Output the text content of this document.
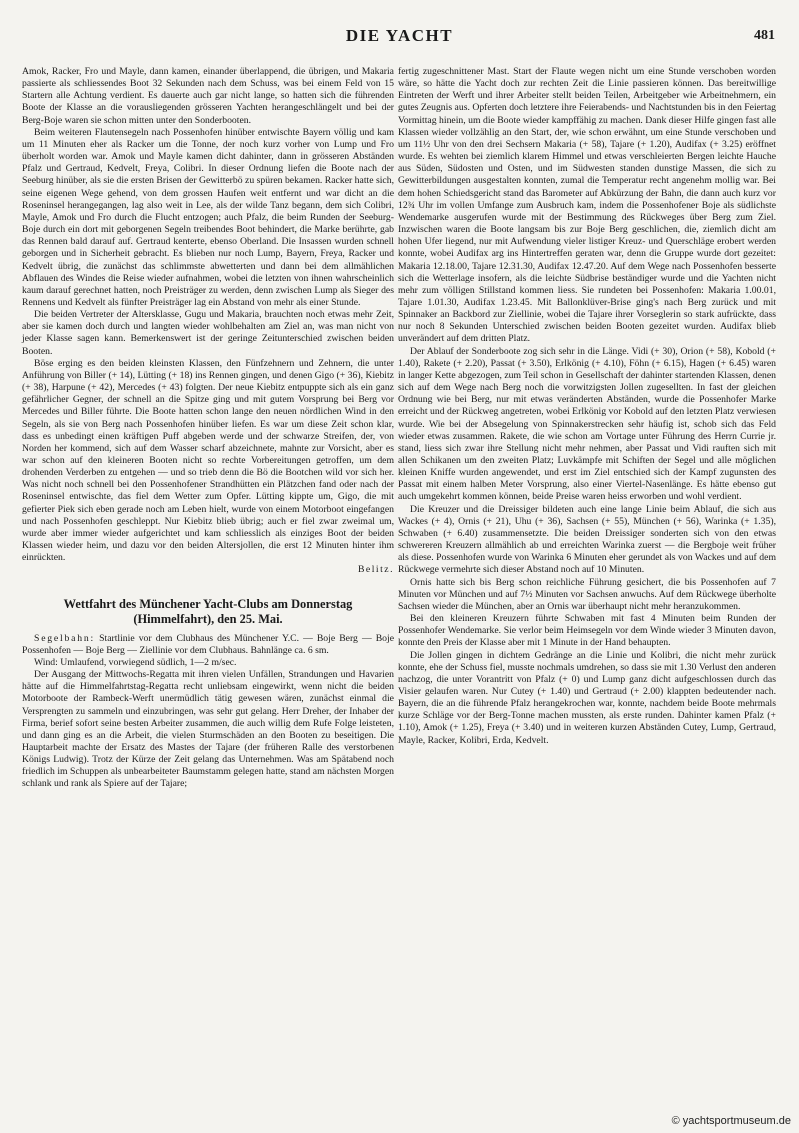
DIE YACHT	481

Amok, Racker, Fro und Mayle, dann kamen, einander überlappend, die übrigen, und Makaria passierte als schliessendes Boot 32 Sekunden nach dem Schuss, was bei einem Feld von 15 Startern alle Achtung verdient. Es dauerte auch gar nicht lange, so hatten sich die führenden Boote der Klasse an die vorausliegenden grösseren Yachten herangeschlängelt und bei der Berg-Boje waren sie schon mitten unter den Sonderbooten.

Beim weiteren Flautensegeln nach Possenhofen hinüber entwischte Bayern völlig und kam um 11 Minuten eher als Racker um die Tonne, der noch kurz vorher von Lump und Fro überholt worden war. Amok und Mayle kamen dicht dahinter, dann in grösseren Abständen Pfalz und Gertraud, Kedvelt, Freya, Colibri. In dieser Ordnung liefen die Boote nach der Seeburg hinüber, als sie die ersten Brisen der Gewitterbö zu spüren bekamen. Racker hatte sich, seine eigenen Wege gehend, von dem grossen Haufen weit entfernt und war dicht an die Roseninsel herangegangen, lag also weit in Lee, als der wilde Tanz begann, dem sich Colibri, Mayle, Amok und Fro durch die Flucht entzogen; auch Pfalz, die beim Runden der Seeburg-Boje durch ein dort mit geborgenen Segeln treibendes Boot behindert, die Marke berührte, gab das Rennen bald darauf auf. Gertraud kenterte, ebenso Oberland. Die Insassen wurden schnell geborgen und in Sicherheit gebracht. Es blieben nur noch Lump, Bayern, Freya, Racker und Kedvelt übrig, die zunächst das schlimmste abwetterten und dann bei dem allmählichen Abflauen des Windes die Reise wieder aufnahmen, wobei die letzten von ihnen wahrscheinlich kaum darauf gerechnet hatten, noch Preisträger zu werden, denn zwischen Lump als Sieger des Rennens und Kedvelt als fünfter Preisträger lag ein Abstand von mehr als einer Stunde.

Die beiden Vertreter der Altersklasse, Gugu und Makaria, brauchten noch etwas mehr Zeit, aber sie kamen doch durch und langten wieder wohlbehalten am Ziel an, was man nicht von jeder Klasse sagen kann. Bemerkenswert ist der geringe Zeitunterschied zwischen beiden Booten.

Böse erging es den beiden kleinsten Klassen, den Fünfzehnern und Zehnern, die unter Anführung von Biller (+ 14), Lütting (+ 18) ins Rennen gingen, und denen Gigo (+ 36), Kiebitz (+ 38), Harpune (+ 42), Mercedes (+ 43) folgten. Der neue Kiebitz entpuppte sich als ein ganz gefährlicher Gegner, der schnell an die Spitze ging und mit gutem Vorsprung bei Berg vor Mercedes und Biller führte. Die Boote hatten schon lange den neuen nördlichen Wind in den Segeln, als sie von Berg nach Possenhofen hinüber liefen. Es war um diese Zeit schon klar, dass es unbedingt einen kräftigen Puff abgeben werde und der schwarze Streifen, der, von Norden her kommend, sich auf dem Wasser scharf abzeichnete, mahnte zur Vorsicht, aber es war schon auf den kleineren Booten nicht so rechte Vorbereitungen getroffen, um dem drohenden Verderben zu entgehen — und so trieb denn die Bö die Bootchen wild vor sich her. Was nicht noch schnell bei den Possenhofener Strandhütten ein Plätzchen fand oder nach der Roseninsel entwischte, das fiel dem Wetter zum Opfer. Lütting kippte um, Gigo, die mit gefierter Piek sich eben gerade noch am Leben hielt, wurde von einem Motorboot eingefangen und nach Possenhofen geschleppt. Nur Kiebitz blieb übrig; auch er fiel zwar zweimal um, wurde aber immer wieder aufgerichtet und kam schliesslich als einziges Boot der beiden Klassen wieder heim, und dazu vor den beiden Altersjollen, die erst 12 Minuten hinter ihm einrückten.

Belitz.

Wettfahrt des Münchener Yacht-Clubs am Donnerstag (Himmelfahrt), den 25. Mai.

Segelbahn: Startlinie vor dem Clubhaus des Münchener Y.C. — Boje Berg — Boje Possenhofen — Boje Berg — Ziellinie vor dem Clubhaus. Bahnlänge ca. 6 sm.

Wind: Umlaufend, vorwiegend südlich, 1—2 m/sec.

Der Ausgang der Mittwochs-Regatta mit ihren vielen Unfällen, Strandungen und Havarien hätte auf die Himmelfahrtstag-Regatta recht unliebsam eingewirkt, wenn nicht die beiden Motorboote der Rambeck-Werft unermüdlich tätig gewesen wären, zunächst einmal die Versprengten zu sammeln und einzubringen, was sehr gut gelang. Herr Dreher, der Inhaber der Firma, berief sofort seine besten Arbeiter zusammen, die auch willig dem Rufe Folge leisteten, und dann ging es an die Arbeit, die vielen Sturmschäden an den Booten zu beseitigen. Die Hauptarbeit machte der Ersatz des Mastes der Tajare (der früheren Ralle des verstorbenen Königs Ludwig). Trotz der Kürze der Zeit gelang das Unternehmen. Was am Spätabend noch friedlich im Schuppen als unbearbeiteter Baumstamm gelegen hatte, stand am nächsten Morgen schlank und rank als Spiere auf der Tajare;

fertig zugeschnittener Mast. Start der Flaute wegen nicht um eine Stunde verschoben worden wäre, so hätte die Yacht doch zur rechten Zeit die Linie passieren können. Das bereitwillige Eintreten der Werft und ihrer Arbeiter stellt beiden Teilen, Arbeitgeber wie Arbeitnehmern, ein gutes Zeugnis aus. Opferten doch letztere ihre Feierabends- und Nachtstunden bis in den Feiertag Vormittag hinein, um die Boote wieder kampffähig zu machen. Dank dieser Hilfe gingen fast alle Klassen wieder vollzählig an den Start, der, wie schon erwähnt, um eine Stunde verschoben und um 11½ Uhr von den drei Sechsern Makaria (+ 58), Tajare (+ 1.20), Audifax (+ 3.25) eröffnet wurde. Es wehten bei ziemlich klarem Himmel und etwas verschleierten Bergen leichte Hauche aus Süden, Südosten und Osten, und im Südwesten standen dunstige Massen, die sich zu Gewitterbildungen ausgestalten konnten, zumal die Temperatur recht angenehm mollig war. Bei dem hohen Schiedsgericht stand das Barometer auf Abkürzung der Bahn, die dann auch kurz vor 12¾ Uhr im vollen Umfange zum Ausbruch kam, indem die Possenhofener Boje als südlichste Wendemarke ausgerufen wurde mit der Bestimmung des Rückweges über Berg zum Ziel. Inzwischen waren die Boote langsam bis zur Boje Berg geschlichen, die, ziemlich dicht am hohen Ufer liegend, nur mit Aufwendung vieler listiger Kreuz- und Querschläge erobert werden konnte, wobei Audifax arg ins Hintertreffen geraten war, denn die Gruppe wurde dort gezeitet: Makaria 12.18.00, Tajare 12.31.30, Audifax 12.47.20. Auf dem Wege nach Possenhofen besserte sich die Wetterlage insofern, als die leichte Südbrise beständiger wurde und die Yachten nicht mehr zum völligen Stillstand kommen liess. Sie rundeten bei Possenhofen: Makaria 1.00.01, Tajare 1.01.30, Audifax 1.23.45. Mit Ballonklüver-Brise ging's nach Berg zurück und mit Spinnaker an Backbord zur Ziellinie, wobei die Tajare ihrer Vorseglerin so stark aufrückte, dass nur noch 8 Sekunden Unterschied zwischen beiden Booten gezeitet wurden. Audifax blieb unverändert auf dem dritten Platz.

Der Ablauf der Sonderboote zog sich sehr in die Länge. Vidi (+ 30), Orion (+ 58), Kobold (+ 1.40), Rakete (+ 2.20), Passat (+ 3.50), Erlkönig (+ 4.10), Föhn (+ 6.15), Hagen (+ 6.45) waren in langer Kette abgezogen, zum Teil schon in Gesellschaft der dahinter startenden Klassen, denen sich auf dem Wege nach Berg noch die vorwitzigsten Jollen zugesellten. In fast der gleichen Ordnung wie bei Berg, nur mit etwas veränderten Abständen, wurde die Possenhofer Marke erreicht und der Rückweg angetreten, wobei Erlkönig vor Kobold auf den letzten Platz verwiesen wurde. Wie bei der Absegelung von Spinnakerstrecken sehr häufig ist, schob sich das Feld wieder etwas zusammen. Rakete, die wie schon am Vortage unter Führung des Herrn Currie jr. stand, liess sich zwar ihre Stellung nicht mehr nehmen, aber Passat und Vidi rauften sich mit allen Schikanen um den zweiten Platz; Luvkämpfe mit Schiften der Segel und alle möglichen kleinen Kniffe wurden angewendet, und erst im Ziel entschied sich der Kampf zugunsten des Passat mit einem halben Meter Vorsprung, also einer Viertel-Nasenlänge. Es hätte ebenso gut auch umgekehrt kommen können, beide Preise waren heiss erworben und wohl verdient.

Die Kreuzer und die Dreissiger bildeten auch eine lange Linie beim Ablauf, die sich aus Wackes (+ 4), Ornis (+ 21), Uhu (+ 36), Sachsen (+ 55), München (+ 56), Warinka (+ 1.35), Schwaben (+ 6.40) zusammensetzte. Die beiden Dreissiger sonderten sich von den etwas schwereren Kreuzern allmählich ab und erreichten Warinka zuerst — die Bergboje weit früher als diese. Possenhofen wurde von Warinka 6 Minuten eher gerundet als von Wackes und auf dem Rückwege vermehrte sich dieser Abstand noch auf 10 Minuten.

Ornis hatte sich bis Berg schon reichliche Führung gesichert, die bis Possenhofen auf 7 Minuten vor München und auf 7½ Minuten vor Sachsen anwuchs. Auf dem Rückwege überholte Sachsen wieder die München, aber an Ornis war überhaupt nicht mehr heranzukommen.

Bei den kleineren Kreuzern führte Schwaben mit fast 4 Minuten beim Runden der Possenhofer Wendemarke. Sie verlor beim Heimsegeln vor dem Winde wieder 3 Minuten davon, konnte den Preis der Klasse aber mit 1 Minute in der Hand behaupten.

Die Jollen gingen in dichtem Gedränge an die Linie und Kolibri, die nicht mehr zurück konnte, ehe der Schuss fiel, musste nochmals umdrehen, so dass sie mit 1.30 Verlust den anderen nachzog, die unter Vorantritt von Pfalz (+ 0) und Lump ganz dicht aufgeschlossen durch das Visier gelaufen waren. Nur Cutey (+ 1.40) und Gertraud (+ 2.00) klappten bedeutender nach. Bayern, die an die führende Pfalz herangekrochen war, konnte, nachdem beide Boote mehrmals kurze Schläge vor der Berg-Tonne machen mussten, als erste runden. Dahinter kamen Pfalz (+ 1.10), Amok (+ 1.25), Freya (+ 3.40) und in weiteren kurzen Abständen Cutey, Lump, Gertraud, Mayle, Racker, Kolibri, Erda, Kedvelt.

© yachtsportmuseum.de
